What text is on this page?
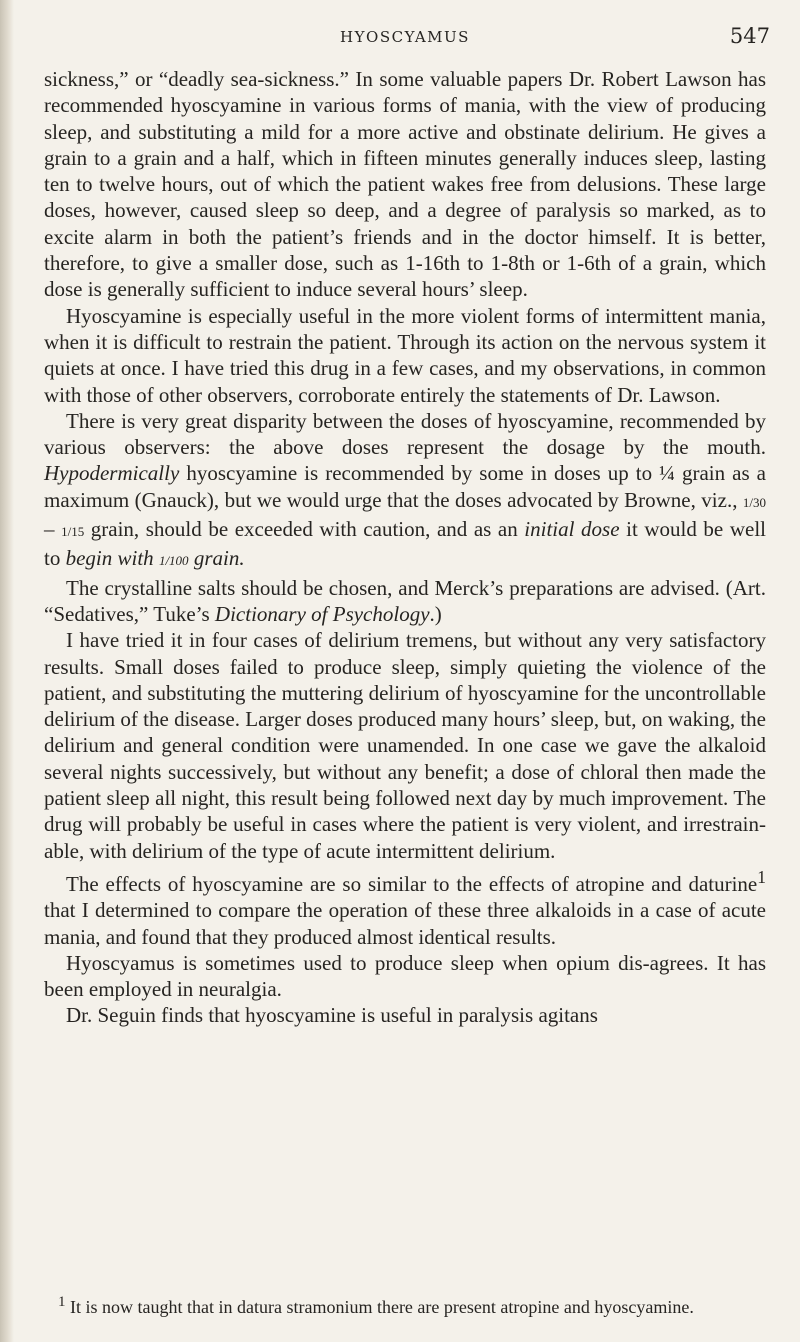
HYOSCYAMUS	547

sickness,” or “deadly sea-sickness.” In some valuable papers Dr. Robert Lawson has recommended hyoscyamine in various forms of mania, with the view of producing sleep, and substituting a mild for a more active and obstinate delirium. He gives a grain to a grain and a half, which in fifteen minutes generally induces sleep, lasting ten to twelve hours, out of which the patient wakes free from delusions. These large doses, however, caused sleep so deep, and a degree of paralysis so marked, as to excite alarm in both the patient’s friends and in the doctor himself. It is better, therefore, to give a smaller dose, such as 1-16th to 1-8th or 1-6th of a grain, which dose is generally sufficient to induce several hours’ sleep.

Hyoscyamine is especially useful in the more violent forms of intermittent mania, when it is difficult to restrain the patient. Through its action on the nervous system it quiets at once. I have tried this drug in a few cases, and my observations, in common with those of other observers, corroborate entirely the statements of Dr. Lawson.

There is very great disparity between the doses of hyoscyamine, recommended by various observers: the above doses represent the dosage by the mouth. Hypodermically hyoscyamine is recommended by some in doses up to ¼ grain as a maximum (Gnauck), but we would urge that the doses advocated by Browne, viz., 1/30 – 1/15 grain, should be exceeded with caution, and as an initial dose it would be well to begin with 1/100 grain.

The crystalline salts should be chosen, and Merck’s preparations are advised. (Art. “Sedatives,” Tuke’s Dictionary of Psychology.)

I have tried it in four cases of delirium tremens, but without any very satisfactory results. Small doses failed to produce sleep, simply quieting the violence of the patient, and substituting the muttering delirium of hyoscyamine for the uncontrollable delirium of the disease. Larger doses produced many hours’ sleep, but, on waking, the delirium and general condition were unamended. In one case we gave the alkaloid several nights successively, but without any benefit; a dose of chloral then made the patient sleep all night, this result being followed next day by much improvement. The drug will probably be useful in cases where the patient is very violent, and irrestrain-able, with delirium of the type of acute intermittent delirium.

The effects of hyoscyamine are so similar to the effects of atropine and daturine$^1$ that I determined to compare the operation of these three alkaloids in a case of acute mania, and found that they produced almost identical results.

Hyoscyamus is sometimes used to produce sleep when opium dis-agrees. It has been employed in neuralgia.

Dr. Seguin finds that hyoscyamine is useful in paralysis agitans

$^1$ It is now taught that in datura stramonium there are present atropine and hyoscyamine.
